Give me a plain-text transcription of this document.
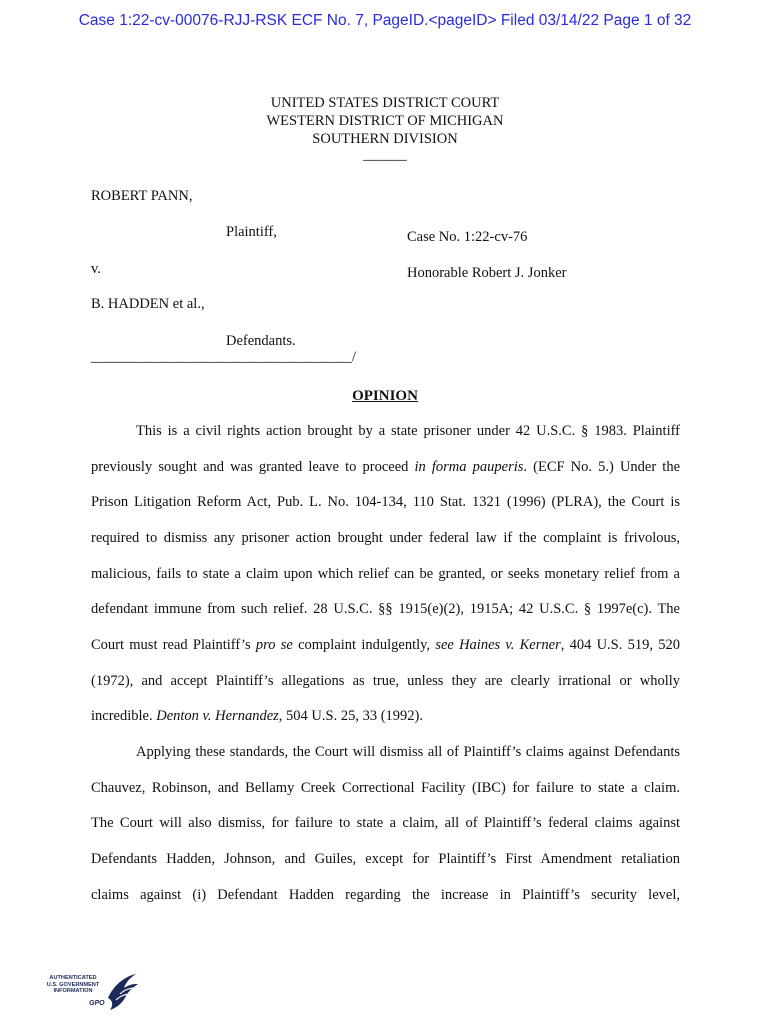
Case 1:22-cv-00076-RJJ-RSK ECF No. 7, PageID.<pageID> Filed 03/14/22 Page 1 of 32
UNITED STATES DISTRICT COURT
WESTERN DISTRICT OF MICHIGAN
SOUTHERN DIVISION
______
ROBERT PANN,
Plaintiff,	Case No. 1:22-cv-76
v.	Honorable Robert J. Jonker
B. HADDEN et al.,
Defendants.
____________________________________/
OPINION
This is a civil rights action brought by a state prisoner under 42 U.S.C. § 1983. Plaintiff
previously sought and was granted leave to proceed in forma pauperis. (ECF No. 5.) Under the
Prison Litigation Reform Act, Pub. L. No. 104-134, 110 Stat. 1321 (1996) (PLRA), the Court is
required to dismiss any prisoner action brought under federal law if the complaint is frivolous,
malicious, fails to state a claim upon which relief can be granted, or seeks monetary relief from a
defendant immune from such relief. 28 U.S.C. §§ 1915(e)(2), 1915A; 42 U.S.C. § 1997e(c). The
Court must read Plaintiff’s pro se complaint indulgently, see Haines v. Kerner, 404 U.S. 519, 520
(1972), and accept Plaintiff’s allegations as true, unless they are clearly irrational or wholly
incredible. Denton v. Hernandez, 504 U.S. 25, 33 (1992).
Applying these standards, the Court will dismiss all of Plaintiff’s claims against Defendants
Chauvez, Robinson, and Bellamy Creek Correctional Facility (IBC) for failure to state a claim.
The Court will also dismiss, for failure to state a claim, all of Plaintiff’s federal claims against
Defendants Hadden, Johnson, and Guiles, except for Plaintiff’s First Amendment retaliation
claims against (i) Defendant Hadden regarding the increase in Plaintiff’s security level,
AUTHENTICATED
U.S. GOVERNMENT
INFORMATION
GPO
